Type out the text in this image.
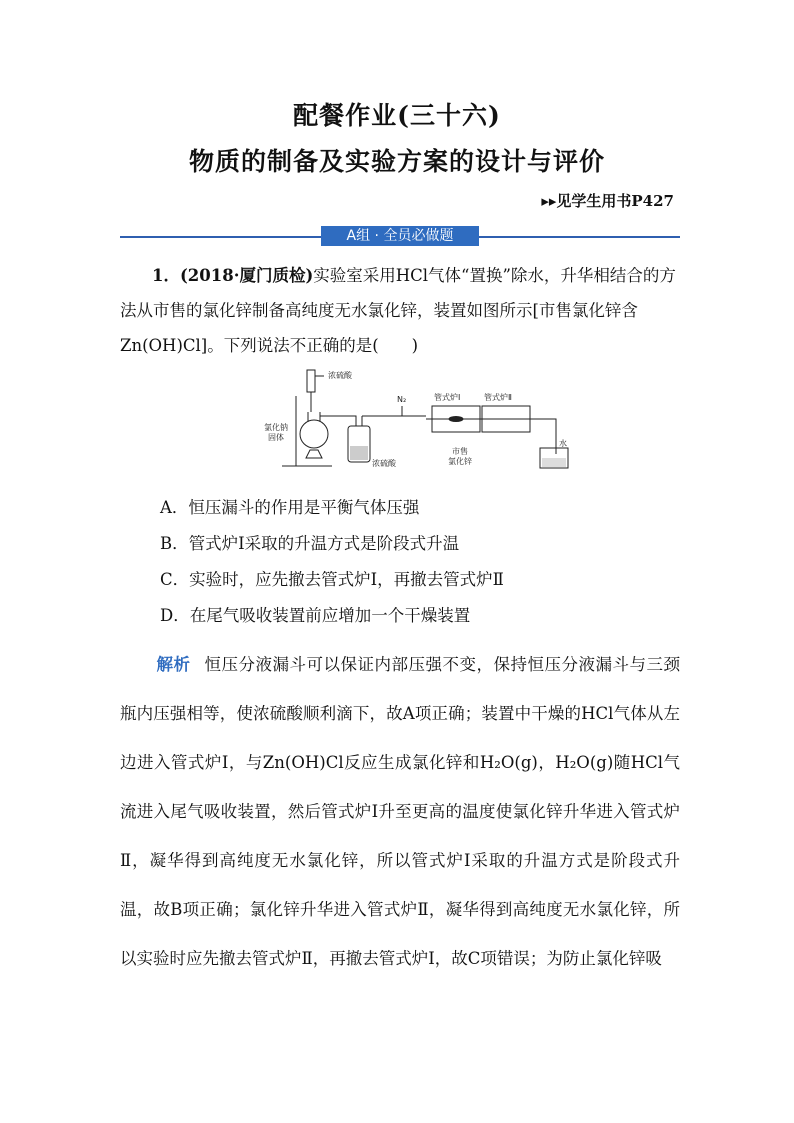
配餐作业(三十六)
物质的制备及实验方案的设计与评价
▸▸见学生用书P427
A组 · 全员必做题
1．(2018·厦门质检)实验室采用HCl气体“置换”除水，升华相结合的方法从市售的氯化锌制备高纯度无水氯化锌，装置如图所示[市售氯化锌含Zn(OH)Cl]。下列说法不正确的是(　　)
浓硫酸
N₂	管式炉Ⅰ	管式炉Ⅱ
氯化钠
固体
浓硫酸
市售
氯化锌
水
A．恒压漏斗的作用是平衡气体压强
B．管式炉Ⅰ采取的升温方式是阶段式升温
C．实验时，应先撤去管式炉Ⅰ，再撤去管式炉Ⅱ
D．在尾气吸收装置前应增加一个干燥装置
解析 恒压分液漏斗可以保证内部压强不变，保持恒压分液漏斗与三颈瓶内压强相等，使浓硫酸顺利滴下，故A项正确；装置中干燥的HCl气体从左边进入管式炉Ⅰ，与Zn(OH)Cl反应生成氯化锌和H₂O(g)，H₂O(g)随HCl气流进入尾气吸收装置，然后管式炉Ⅰ升至更高的温度使氯化锌升华进入管式炉Ⅱ，凝华得到高纯度无水氯化锌，所以管式炉Ⅰ采取的升温方式是阶段式升温，故B项正确；氯化锌升华进入管式炉Ⅱ，凝华得到高纯度无水氯化锌，所以实验时应先撤去管式炉Ⅱ，再撤去管式炉Ⅰ，故C项错误；为防止氯化锌吸
